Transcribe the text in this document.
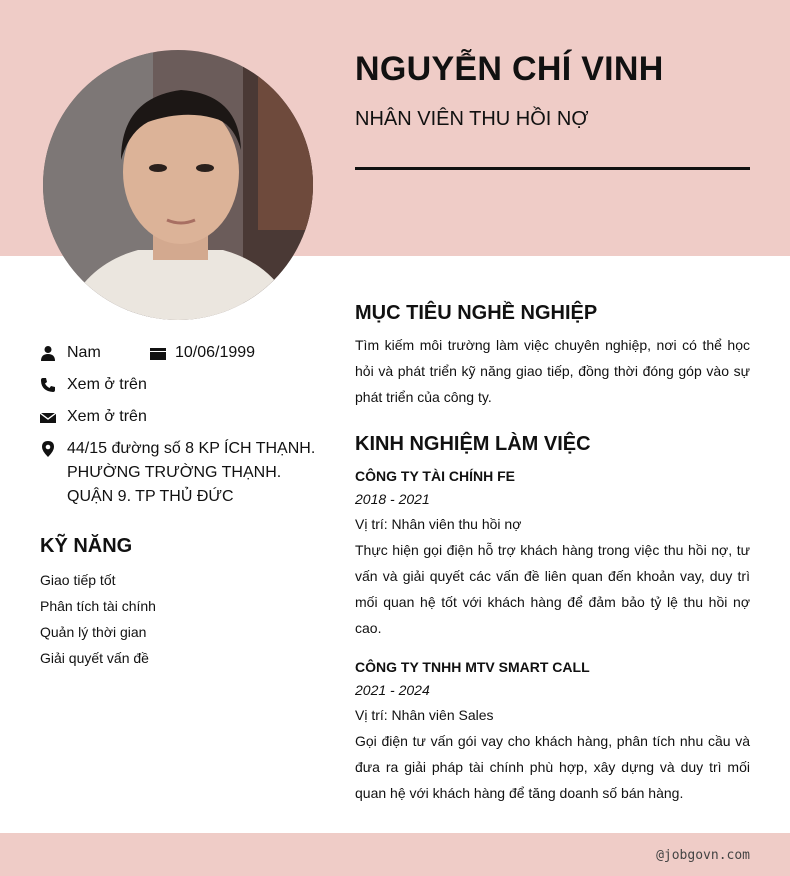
NGUYỄN CHÍ VINH
NHÂN VIÊN THU HỒI NỢ
Nam	10/06/1999
Xem ở trên
Xem ở trên
44/15 đường số 8 KP ÍCH THẠNH. PHƯỜNG TRƯỜNG THẠNH. QUẬN 9. TP THỦ ĐỨC
KỸ NĂNG
Giao tiếp tốt
Phân tích tài chính
Quản lý thời gian
Giải quyết vấn đề
MỤC TIÊU NGHỀ NGHIỆP
Tìm kiếm môi trường làm việc chuyên nghiệp, nơi có thể học hỏi và phát triển kỹ năng giao tiếp, đồng thời đóng góp vào sự phát triển của công ty.
KINH NGHIỆM LÀM VIỆC
CÔNG TY TÀI CHÍNH FE
2018 - 2021
Vị trí: Nhân viên thu hồi nợ
Thực hiện gọi điện hỗ trợ khách hàng trong việc thu hồi nợ, tư vấn và giải quyết các vấn đề liên quan đến khoản vay, duy trì mối quan hệ tốt với khách hàng để đảm bảo tỷ lệ thu hồi nợ cao.
CÔNG TY TNHH MTV SMART CALL
2021 - 2024
Vị trí: Nhân viên Sales
Gọi điện tư vấn gói vay cho khách hàng, phân tích nhu cầu và đưa ra giải pháp tài chính phù hợp, xây dựng và duy trì mối quan hệ với khách hàng để tăng doanh số bán hàng.
@jobgovn.com
